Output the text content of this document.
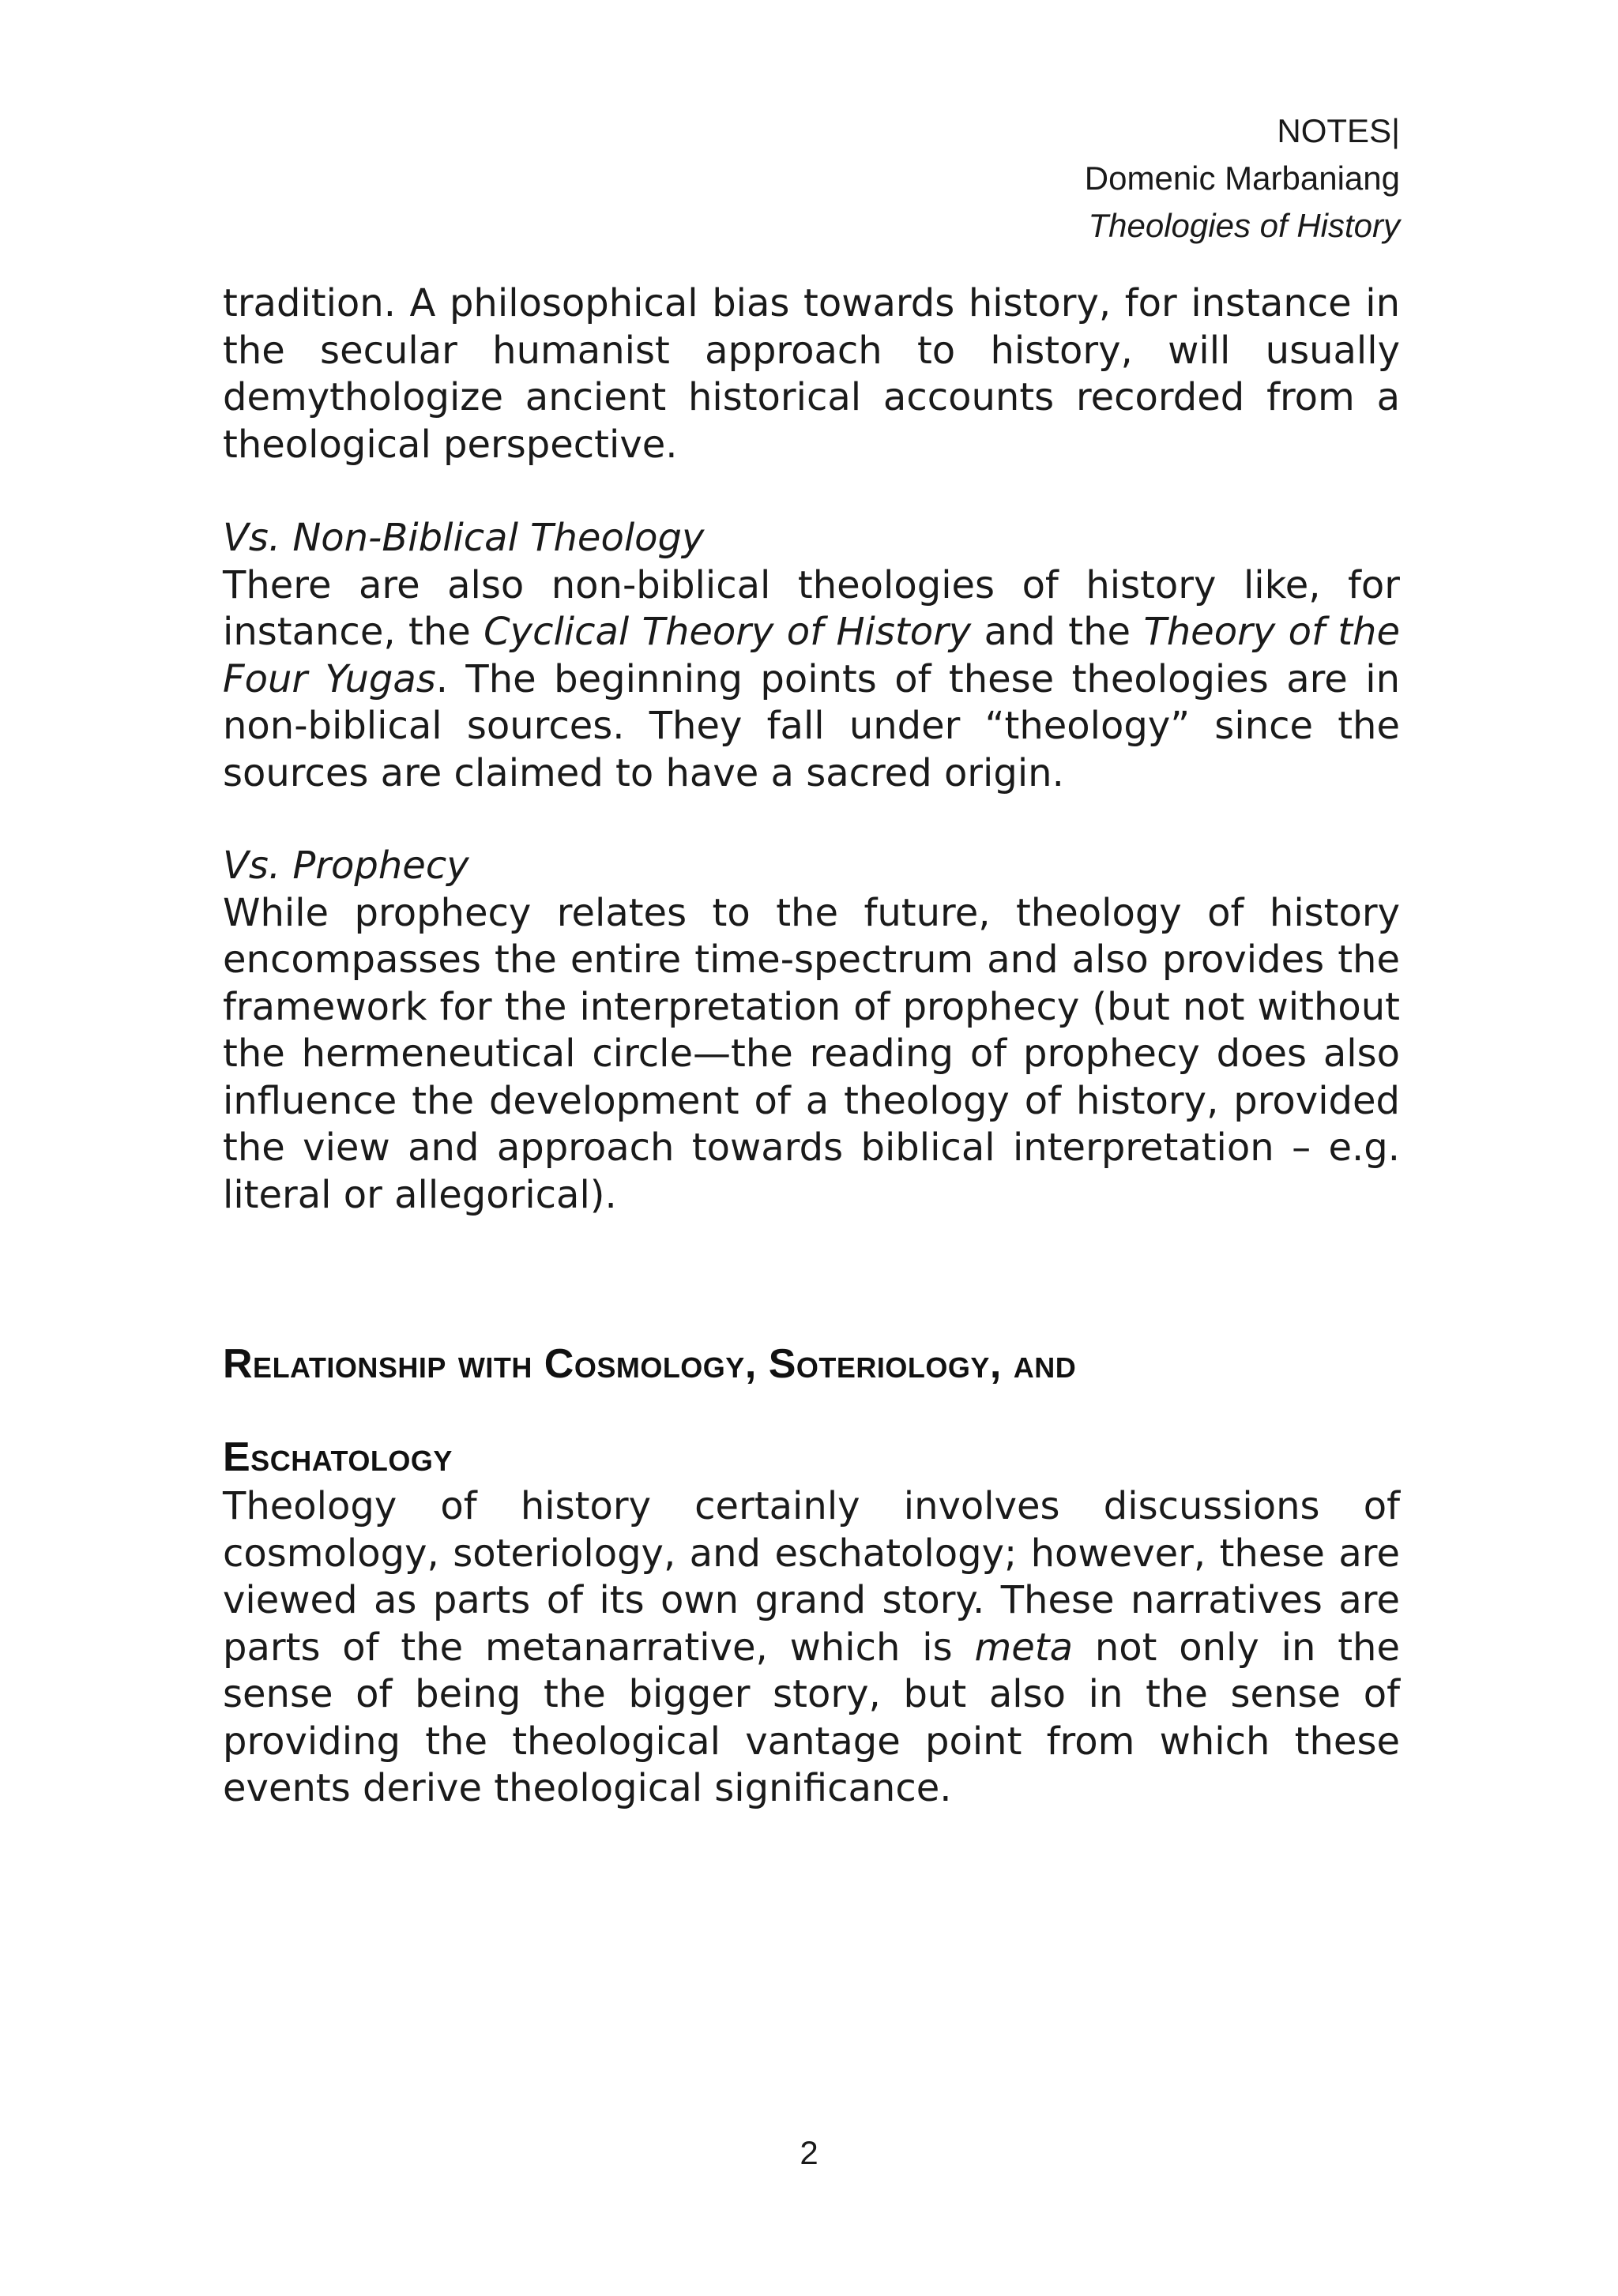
NOTES|
Domenic Marbaniang
Theologies of History

tradition. A philosophical bias towards history, for instance in the secular humanist approach to history, will usually demythologize ancient historical accounts recorded from a theological perspective.

Vs. Non-Biblical Theology
There are also non-biblical theologies of history like, for instance, the Cyclical Theory of History and the Theory of the Four Yugas. The beginning points of these theologies are in non-biblical sources. They fall under “theology” since the sources are claimed to have a sacred origin.
Vs. Prophecy
While prophecy relates to the future, theology of history encompasses the entire time-spectrum and also provides the framework for the interpretation of prophecy (but not without the hermeneutical circle—the reading of prophecy does also influence the development of a theology of history, provided the view and approach towards biblical interpretation – e.g. literal or allegorical).
Relationship with Cosmology, Soteriology, and
Eschatology

Theology of history certainly involves discussions of cosmology, soteriology, and eschatology; however, these are viewed as parts of its own grand story. These narratives are parts of the metanarrative, which is meta not only in the sense of being the bigger story, but also in the sense of providing the theological vantage point from which these events derive theological significance.

2
